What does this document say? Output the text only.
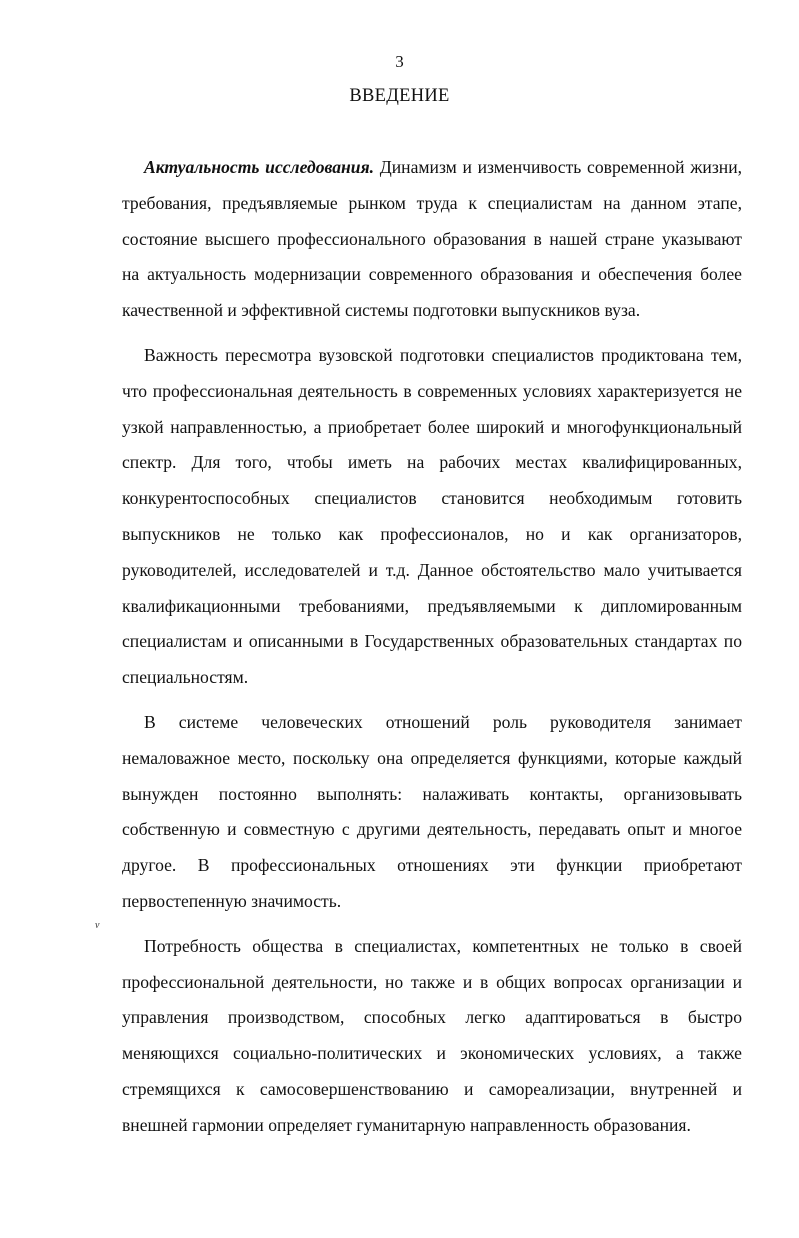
3
ВВЕДЕНИЕ

Актуальность исследования. Динамизм и изменчивость современной жизни, требования, предъявляемые рынком труда к специалистам на данном этапе, состояние высшего профессионального образования в нашей стране указывают на актуальность модернизации современного образования и обеспечения более качественной и эффективной системы подготовки выпускников вуза.

Важность пересмотра вузовской подготовки специалистов продиктована тем, что профессиональная деятельность в современных условиях характеризуется не узкой направленностью, а приобретает более широкий и многофункциональный спектр. Для того, чтобы иметь на рабочих местах квалифицированных, конкурентоспособных специалистов становится необходимым готовить выпускников не только как профессионалов, но и как организаторов, руководителей, исследователей и т.д. Данное обстоятельство мало учитывается квалификационными требованиями, предъявляемыми к дипломированным специалистам и описанными в Государственных образовательных стандартах по специальностям.

В системе человеческих отношений роль руководителя занимает немаловажное место, поскольку она определяется функциями, которые каждый вынужден постоянно выполнять: налаживать контакты, организовывать собственную и совместную с другими деятельность, передавать опыт и многое другое. В профессиональных отношениях эти функции приобретают первостепенную значимость.

Потребность общества в специалистах, компетентных не только в своей профессиональной деятельности, но также и в общих вопросах организации и управления производством, способных легко адаптироваться в быстро меняющихся социально-политических и экономических условиях, а также стремящихся к самосовершенствованию и самореализации, внутренней и внешней гармонии определяет гуманитарную направленность образования.

v
